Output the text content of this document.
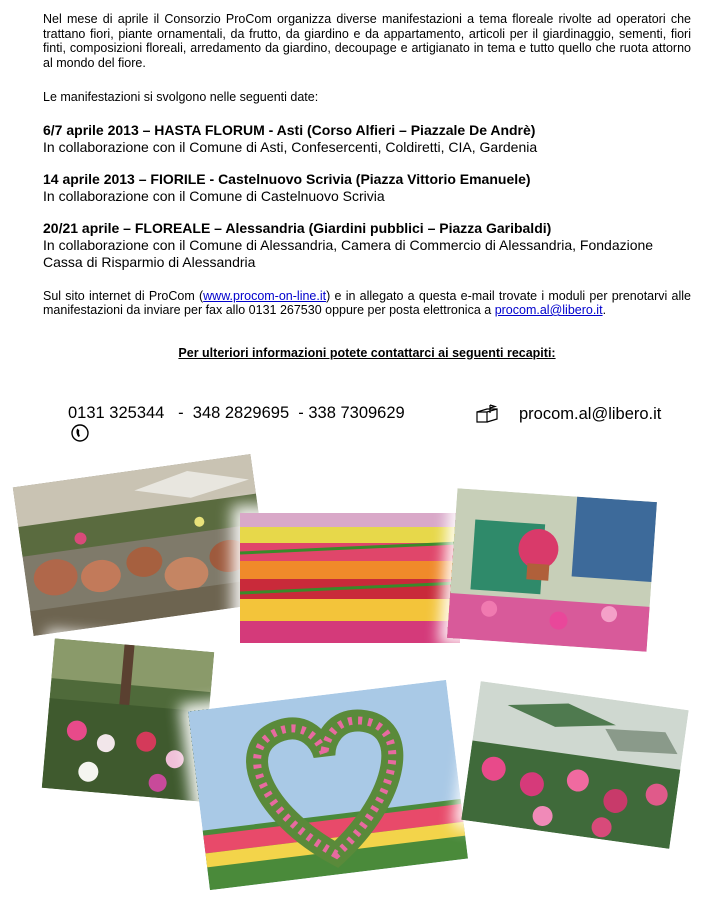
Nel mese di aprile il Consorzio ProCom organizza diverse manifestazioni a tema floreale rivolte ad operatori che trattano fiori, piante ornamentali, da frutto, da giardino e da appartamento, articoli per il giardinaggio, sementi, fiori finti, composizioni floreali, arredamento da giardino, decoupage e artigianato in tema e tutto quello che ruota attorno al mondo del fiore.

Le manifestazioni si svolgono nelle seguenti date:

6/7 aprile 2013 – HASTA FLORUM - Asti (Corso Alfieri – Piazzale De Andrè)

In collaborazione con il Comune di Asti, Confesercenti, Coldiretti, CIA, Gardenia

14 aprile 2013 – FIORILE - Castelnuovo Scrivia (Piazza Vittorio Emanuele)

In collaborazione con il Comune di Castelnuovo Scrivia

20/21 aprile – FLOREALE – Alessandria (Giardini pubblici – Piazza Garibaldi)

In collaborazione con il Comune di Alessandria, Camera di Commercio di Alessandria, Fondazione Cassa di Risparmio di Alessandria

Sul sito internet di ProCom (www.procom-on-line.it) e in allegato a questa e-mail trovate i moduli per prenotarvi alle manifestazioni da inviare per fax allo 0131 267530 oppure per posta elettronica a procom.al@libero.it.

Per ulteriori informazioni potete contattarci ai seguenti recapiti:

0131 325344   -  348 2829695  - 338 7309629	procom.al@libero.it
